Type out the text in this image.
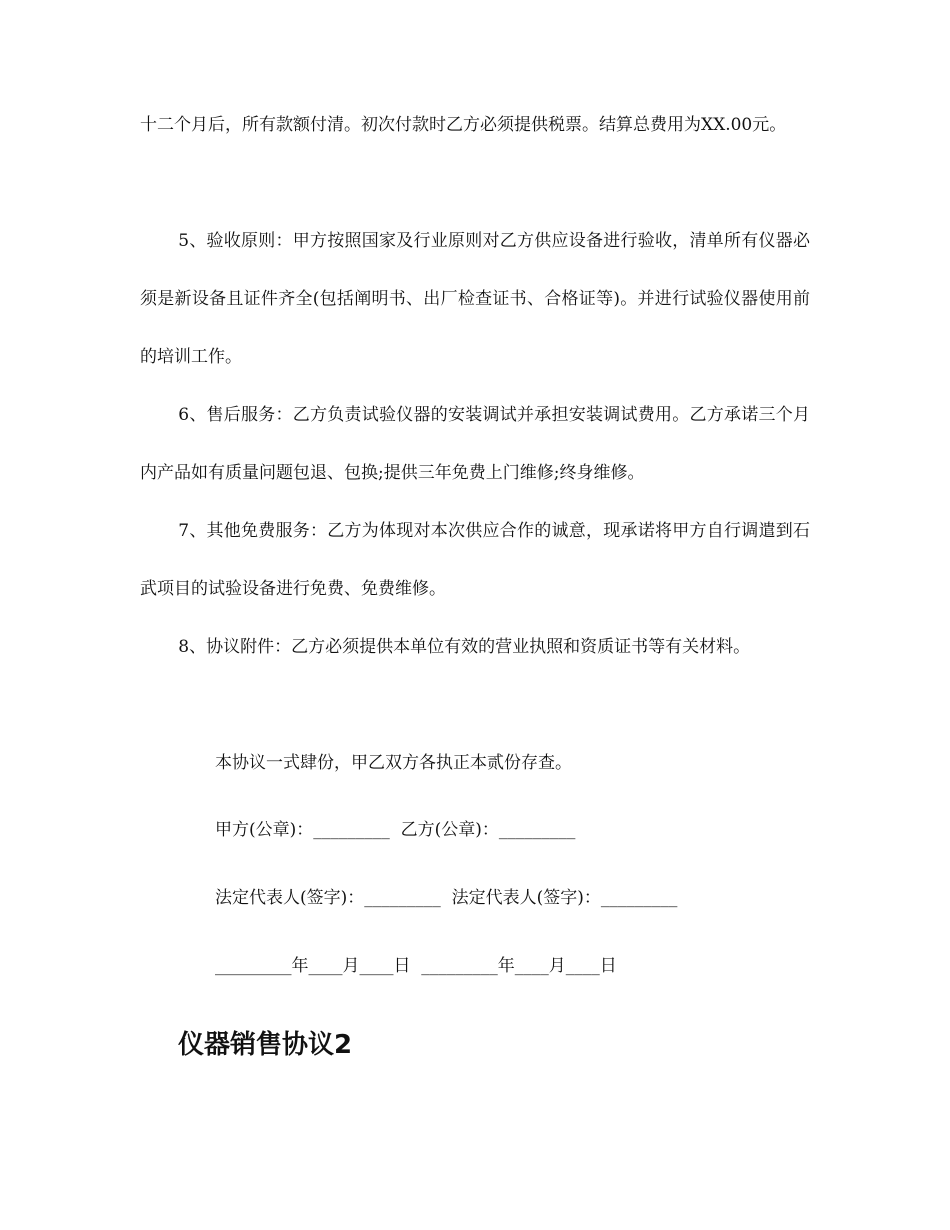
十二个月后，所有款额付清。初次付款时乙方必须提供税票。结算总费用为XX.00元。

5、验收原则：甲方按照国家及行业原则对乙方供应设备进行验收，清单所有仪器必须是新设备且证件齐全(包括阐明书、出厂检查证书、合格证等)。并进行试验仪器使用前的培训工作。

6、售后服务：乙方负责试验仪器的安装调试并承担安装调试费用。乙方承诺三个月内产品如有质量问题包退、包换;提供三年免费上门维修;终身维修。

7、其他免费服务：乙方为体现对本次供应合作的诚意，现承诺将甲方自行调遣到石武项目的试验设备进行免费、免费维修。

8、协议附件：乙方必须提供本单位有效的营业执照和资质证书等有关材料。

本协议一式肆份，甲乙双方各执正本贰份存查。

甲方(公章)：_________  乙方(公章)：_________

法定代表人(签字)：_________  法定代表人(签字)：_________

_________年____月____日  _________年____月____日

仪器销售协议2
